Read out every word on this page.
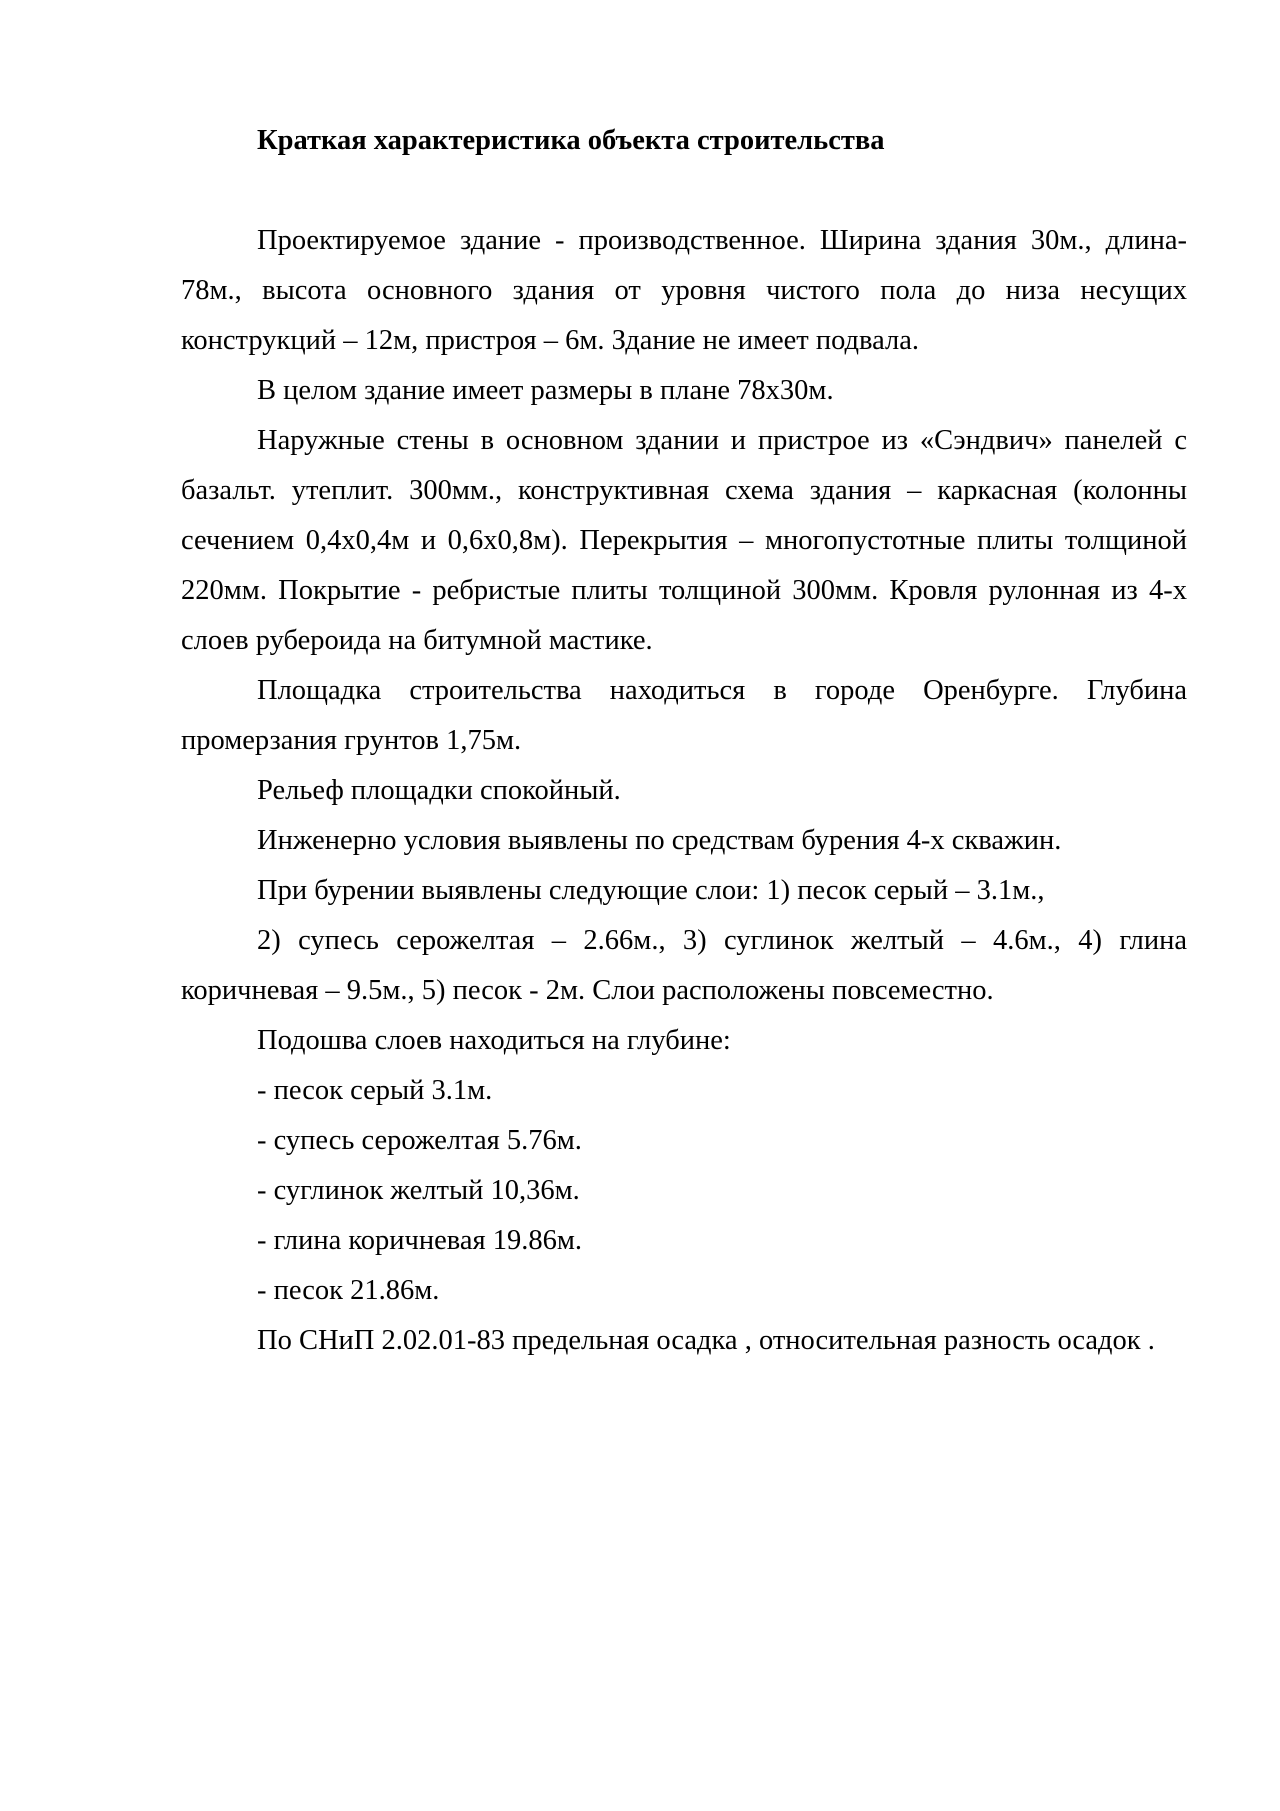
Краткая характеристика объекта строительства

Проектируемое здание - производственное. Ширина здания 30м., длина- 78м., высота основного здания от уровня чистого пола до низа несущих конструкций – 12м, пристроя – 6м. Здание не имеет подвала.

В целом здание имеет размеры в плане 78х30м.

Наружные стены в основном здании и пристрое из «Сэндвич» панелей с базальт. утеплит. 300мм., конструктивная схема здания – каркасная (колонны сечением 0,4х0,4м и 0,6х0,8м). Перекрытия – многопустотные плиты толщиной 220мм. Покрытие - ребристые плиты толщиной 300мм. Кровля рулонная из 4-х слоев рубероида на битумной мастике.

Площадка строительства находиться в городе Оренбурге. Глубина промерзания грунтов 1,75м.

Рельеф площадки спокойный.

Инженерно условия выявлены по средствам бурения 4-х скважин.

При бурении выявлены следующие слои: 1) песок серый – 3.1м.,

2) супесь серожелтая – 2.66м., 3) суглинок желтый – 4.6м., 4) глина коричневая – 9.5м., 5) песок - 2м. Слои расположены повсеместно.

Подошва слоев находиться на глубине:

- песок серый 3.1м.

- супесь серожелтая 5.76м.

- суглинок желтый 10,36м.

- глина коричневая 19.86м.

- песок 21.86м.

По СНиП 2.02.01-83 предельная осадка , относительная разность осадок .
